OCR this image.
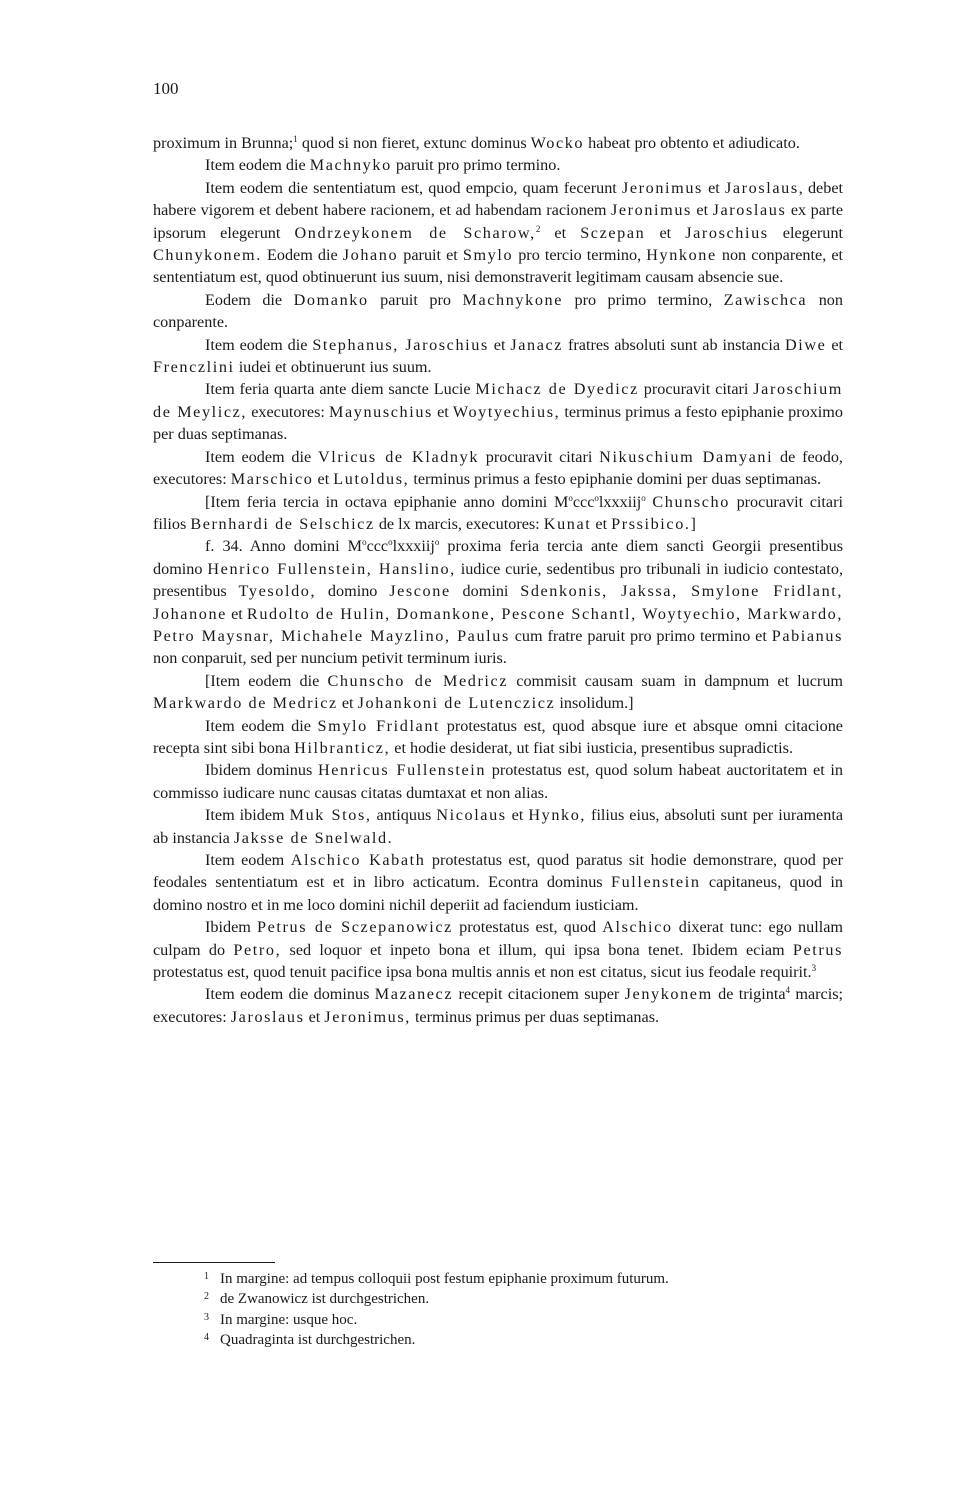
100

proximum in Brunna;$^1$ quod si non fieret, extunc dominus Wocko habeat pro obtento et adiudicato.

Item eodem die Machnyko paruit pro primo termino.

Item eodem die sententiatum est, quod empcio, quam fecerunt Jeronimus et Jaroslaus, debet habere vigorem et debent habere racionem, et ad habendam racionem Jeronimus et Jaroslaus ex parte ipsorum elegerunt Ondrzeykonem de Scharow,$^2$ et Sczepan et Jaroschius elegerunt Chunykonem. Eodem die Johano paruit et Smylo pro tercio termino, Hynkone non conparente, et sententiatum est, quod obtinuerunt ius suum, nisi demonstraverit legitimam causam absencie sue.

Eodem die Domanko paruit pro Machnykone pro primo termino, Zawischca non conparente.

Item eodem die Stephanus, Jaroschius et Janacz fratres absoluti sunt ab instancia Diwe et Frenczlini iudei et obtinuerunt ius suum.

Item feria quarta ante diem sancte Lucie Michacz de Dyedicz procuravit citari Jaroschium de Meylicz, executores: Maynuschius et Woytyechius, terminus primus a festo epiphanie proximo per duas septimanas.

Item eodem die Vlricus de Kladnyk procuravit citari Nikuschium Damyani de feodo, executores: Marschico et Lutoldus, terminus primus a festo epiphanie domini per duas septimanas.

[Item feria tercia in octava epiphanie anno domini $M^occc^olxxxiij^o$ Chunscho procuravit citari filios Bernhardi de Selschicz de lx marcis, executores: Kunat et Prssibico.]

f. 34. Anno domini $M^occc^olxxxiij^o$ proxima feria tercia ante diem sancti Georgii presentibus domino Henrico Fullenstein, Hanslino, iudice curie, sedentibus pro tribunali in iudicio contestato, presentibus Tyesoldo, domino Jescone domini Sdenkonis, Jakssa, Smylone Fridlant, Johanone et Rudolto de Hulin, Domankone, Pescone Schantl, Woytyechio, Markwardo, Petro Maysnar, Michahele Mayzlino, Paulus cum fratre paruit pro primo termino et Pabianus non conparuit, sed per nuncium petivit terminum iuris.

[Item eodem die Chunscho de Medricz commisit causam suam in dampnum et lucrum Markwardo de Medricz et Johankoni de Lutenczicz insolidum.]

Item eodem die Smylo Fridlant protestatus est, quod absque iure et absque omni citacione recepta sint sibi bona Hilbranticz, et hodie desiderat, ut fiat sibi iusticia, presentibus supradictis.

Ibidem dominus Henricus Fullenstein protestatus est, quod solum habeat auctoritatem et in commisso iudicare nunc causas citatas dumtaxat et non alias.

Item ibidem Muk Stos, antiquus Nicolaus et Hynko, filius eius, absoluti sunt per iuramenta ab instancia Jaksse de Snelwald.

Item eodem Alschico Kabath protestatus est, quod paratus sit hodie demonstrare, quod per feodales sententiatum est et in libro acticatum. Econtra dominus Fullenstein capitaneus, quod in domino nostro et in me loco domini nichil deperiit ad faciendum iusticiam.

Ibidem Petrus de Sczepanowicz protestatus est, quod Alschico dixerat tunc: ego nullam culpam do Petro, sed loquor et inpeto bona et illum, qui ipsa bona tenet. Ibidem eciam Petrus protestatus est, quod tenuit pacifice ipsa bona multis annis et non est citatus, sicut ius feodale requirit.$^3$

Item eodem die dominus Mazanecz recepit citacionem super Jenykonem de triginta$^4$ marcis; executores: Jaroslaus et Jeronimus, terminus primus per duas septimanas.

1 In margine: ad tempus colloquii post festum epiphanie proximum futurum.
2 de Zwanowicz ist durchgestrichen.
3 In margine: usque hoc.
4 Quadraginta ist durchgestrichen.
